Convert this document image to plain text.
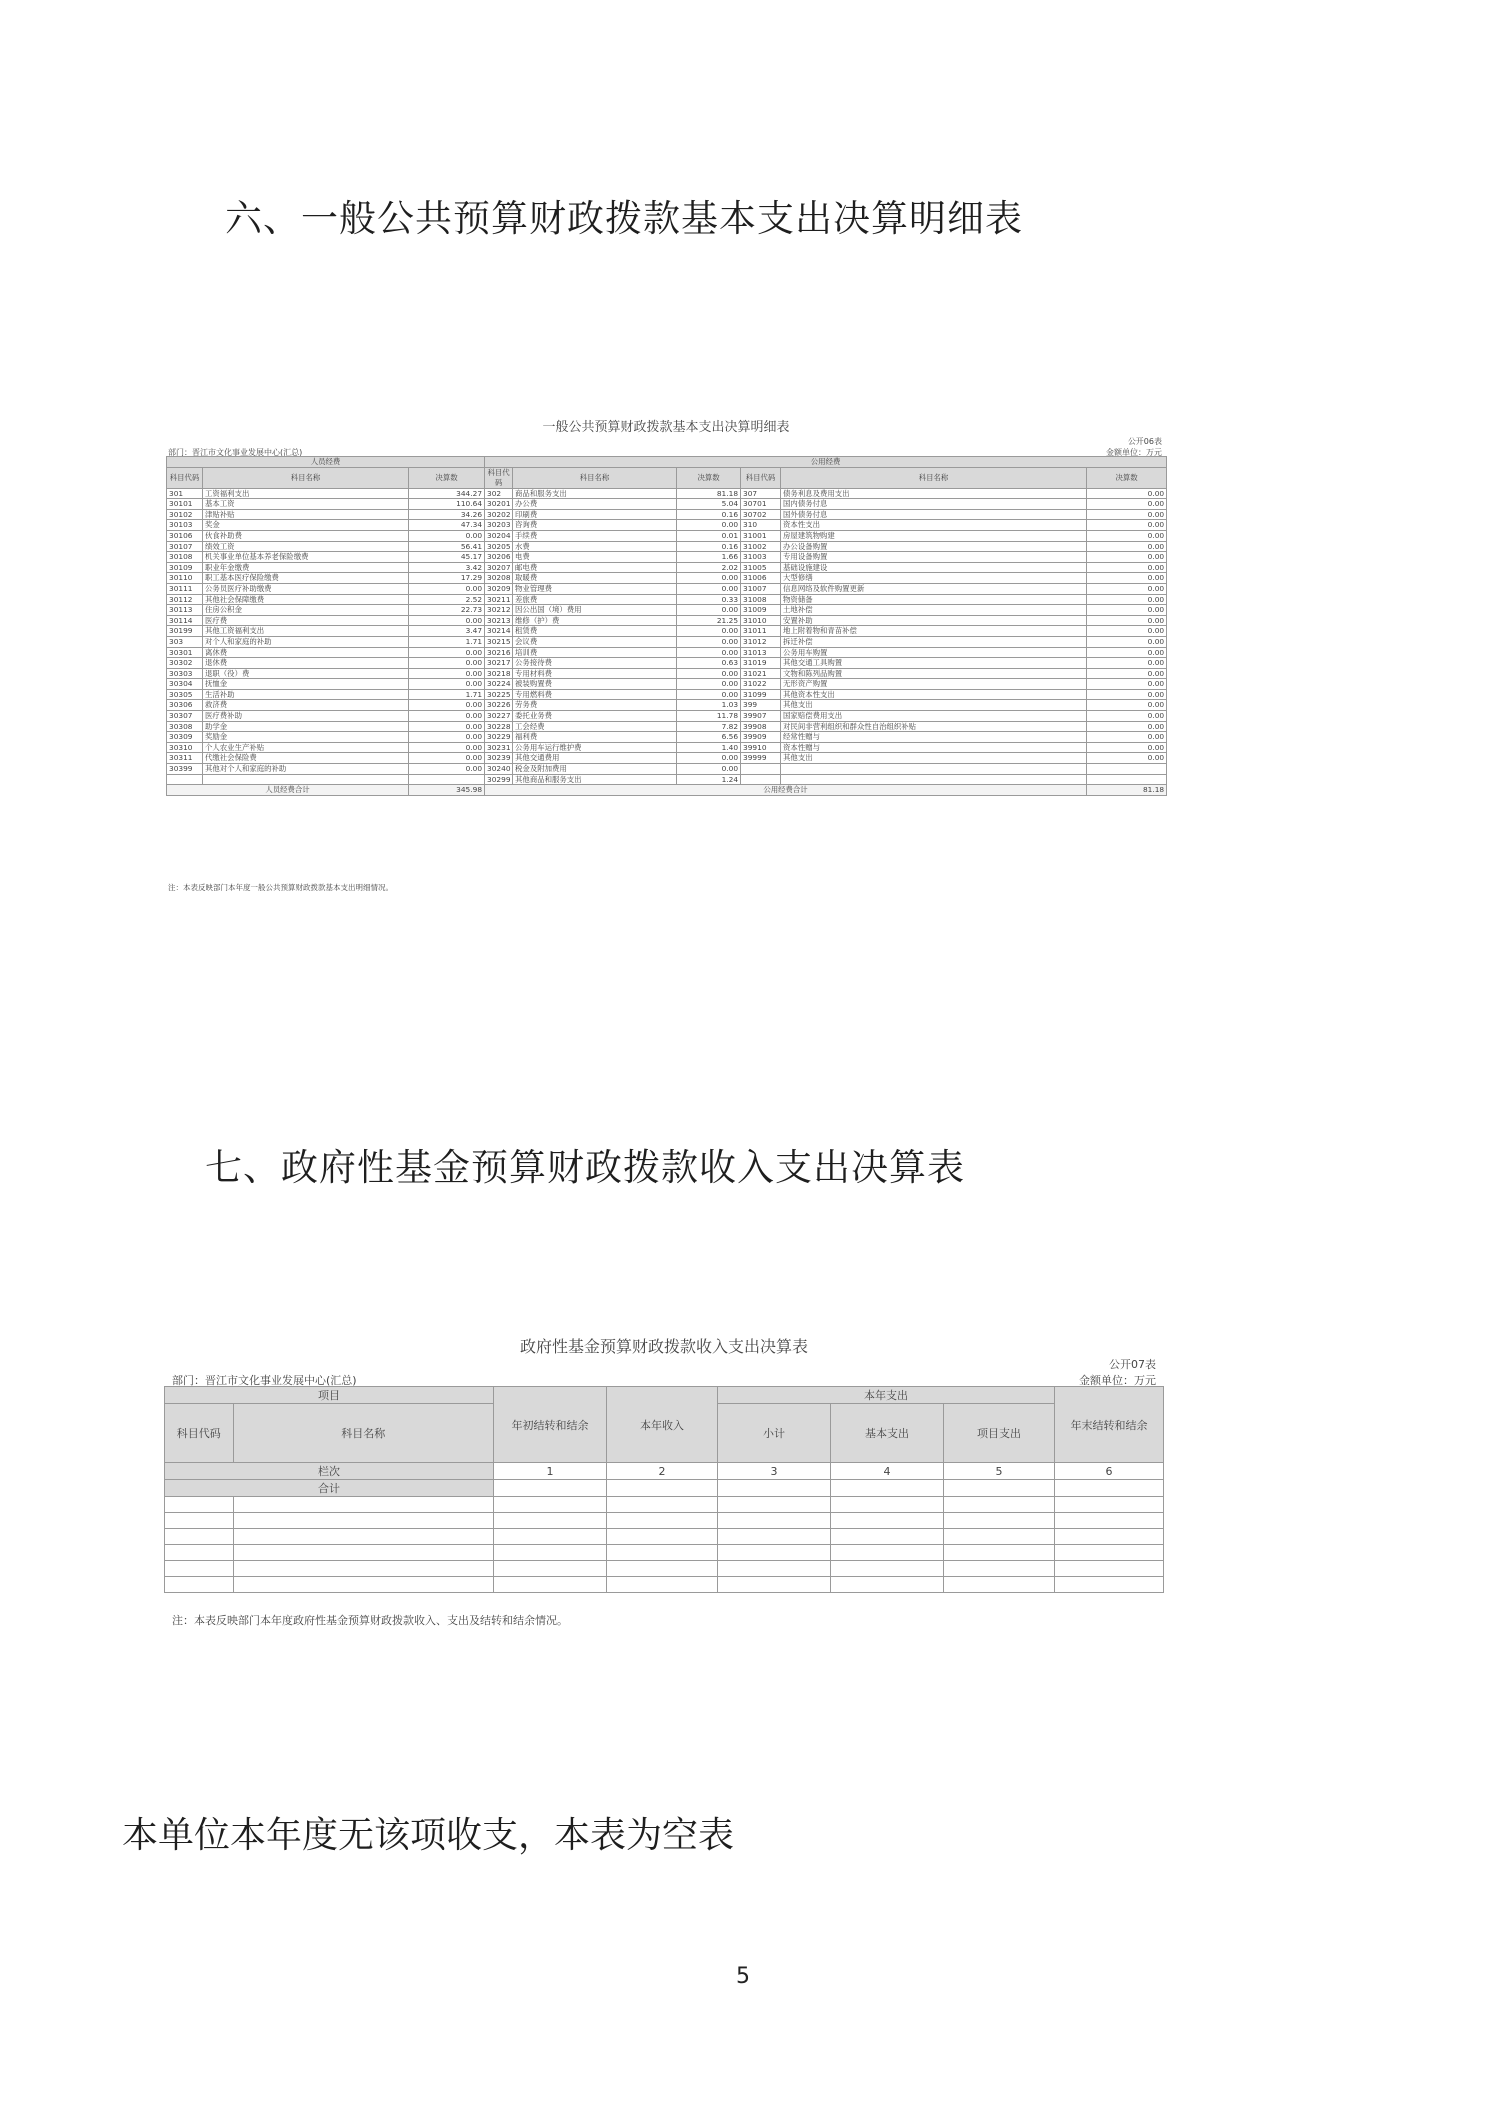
六、一般公共预算财政拨款基本支出决算明细表
一般公共预算财政拨款基本支出决算明细表
公开06表
部门：晋江市文化事业发展中心(汇总)	金额单位：万元
人员经费			公用经费					
科目代码	科目名称	决算数	科目代码	科目名称	决算数	科目代码	科目名称	决算数
301	工资福利支出	344.27	302	商品和服务支出	81.18	307	债务利息及费用支出	0.00
30101	基本工资	110.64	30201	办公费	5.04	30701	国内债务付息	0.00
30102	津贴补贴	34.26	30202	印刷费	0.16	30702	国外债务付息	0.00
30103	奖金	47.34	30203	咨询费	0.00	310	资本性支出	0.00
30106	伙食补助费	0.00	30204	手续费	0.01	31001	房屋建筑物购建	0.00
30107	绩效工资	56.41	30205	水费	0.16	31002	办公设备购置	0.00
30108	机关事业单位基本养老保险缴费	45.17	30206	电费	1.66	31003	专用设备购置	0.00
30109	职业年金缴费	3.42	30207	邮电费	2.02	31005	基础设施建设	0.00
30110	职工基本医疗保险缴费	17.29	30208	取暖费	0.00	31006	大型修缮	0.00
30111	公务员医疗补助缴费	0.00	30209	物业管理费	0.00	31007	信息网络及软件购置更新	0.00
30112	其他社会保障缴费	2.52	30211	差旅费	0.33	31008	物资储备	0.00
30113	住房公积金	22.73	30212	因公出国（境）费用	0.00	31009	土地补偿	0.00
30114	医疗费	0.00	30213	维修（护）费	21.25	31010	安置补助	0.00
30199	其他工资福利支出	3.47	30214	租赁费	0.00	31011	地上附着物和青苗补偿	0.00
303	对个人和家庭的补助	1.71	30215	会议费	0.00	31012	拆迁补偿	0.00
30301	离休费	0.00	30216	培训费	0.00	31013	公务用车购置	0.00
30302	退休费	0.00	30217	公务接待费	0.63	31019	其他交通工具购置	0.00
30303	退职（役）费	0.00	30218	专用材料费	0.00	31021	文物和陈列品购置	0.00
30304	抚恤金	0.00	30224	被装购置费	0.00	31022	无形资产购置	0.00
30305	生活补助	1.71	30225	专用燃料费	0.00	31099	其他资本性支出	0.00
30306	救济费	0.00	30226	劳务费	1.03	399	其他支出	0.00
30307	医疗费补助	0.00	30227	委托业务费	11.78	39907	国家赔偿费用支出	0.00
30308	助学金	0.00	30228	工会经费	7.82	39908	对民间非营利组织和群众性自治组织补贴	0.00
30309	奖励金	0.00	30229	福利费	6.56	39909	经常性赠与	0.00
30310	个人农业生产补贴	0.00	30231	公务用车运行维护费	1.40	39910	资本性赠与	0.00
30311	代缴社会保险费	0.00	30239	其他交通费用	0.00	39999	其他支出	0.00
30399	其他对个人和家庭的补助	0.00	30240	税金及附加费用	0.00			
			30299	其他商品和服务支出	1.24			
人员经费合计		345.98	公用经费合计					81.18
注：本表反映部门本年度一般公共预算财政拨款基本支出明细情况。
七、政府性基金预算财政拨款收入支出决算表
政府性基金预算财政拨款收入支出决算表
公开07表
部门：晋江市文化事业发展中心(汇总)	金额单位：万元
项目		年初结转和结余	本年收入	本年支出			年末结转和结余
科目代码	科目名称			小计	基本支出	项目支出	
栏次		1	2	3	4	5	6
合计							

注：本表反映部门本年度政府性基金预算财政拨款收入、支出及结转和结余情况。
本单位本年度无该项收支，本表为空表
5
